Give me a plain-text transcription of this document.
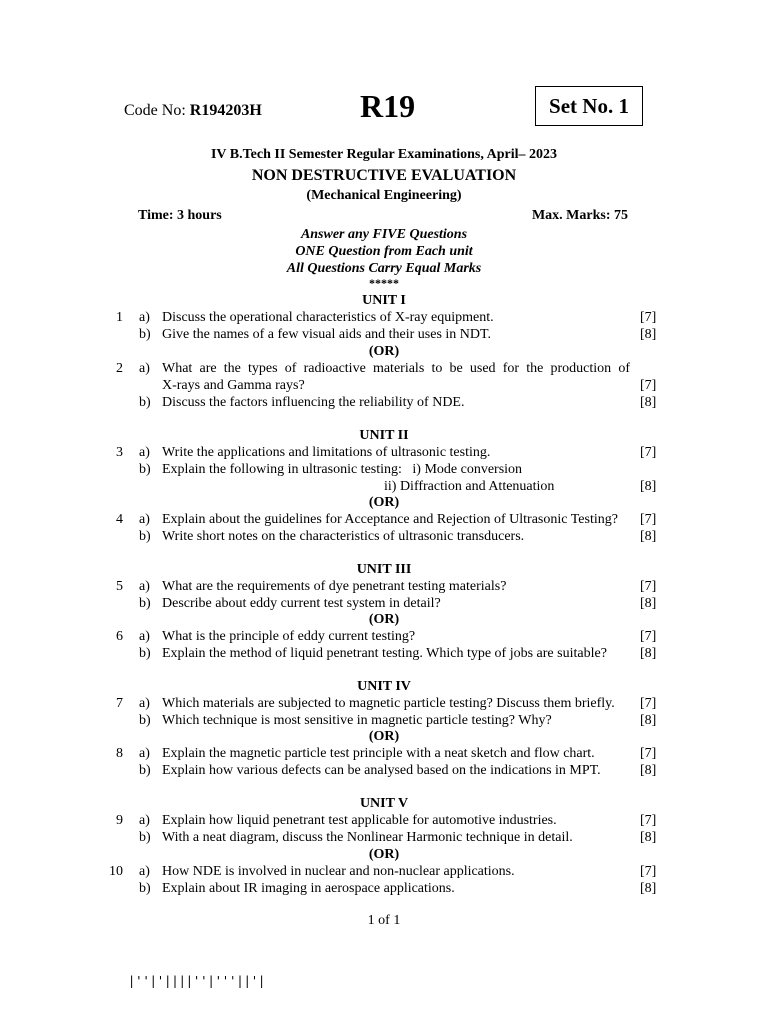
Code No: R194203H	R19	Set No. 1
IV B.Tech II Semester Regular Examinations, April– 2023
NON DESTRUCTIVE EVALUATION
(Mechanical Engineering)
Time: 3 hours	Max. Marks: 75
Answer any FIVE Questions
ONE Question from Each unit
All Questions Carry Equal Marks
*****
UNIT I
1 a) Discuss the operational characteristics of X-ray equipment.	[7]
b) Give the names of a few visual aids and their uses in NDT.	[8]
(OR)
2 a) What are the types of radioactive materials to be used for the production of
X-rays and Gamma rays?	[7]
b) Discuss the factors influencing the reliability of NDE.	[8]
UNIT II
3 a) Write the applications and limitations of ultrasonic testing.	[7]
b) Explain the following in ultrasonic testing:   i) Mode conversion
ii) Diffraction and Attenuation	[8]
(OR)
4 a) Explain about the guidelines for Acceptance and Rejection of Ultrasonic Testing?	[7]
b) Write short notes on the characteristics of ultrasonic transducers.	[8]
UNIT III
5 a) What are the requirements of dye penetrant testing materials?	[7]
b) Describe about eddy current test system in detail?	[8]
(OR)
6 a) What is the principle of eddy current testing?	[7]
b) Explain the method of liquid penetrant testing. Which type of jobs are suitable?	[8]
UNIT IV
7 a) Which materials are subjected to magnetic particle testing? Discuss them briefly.	[7]
b) Which technique is most sensitive in magnetic particle testing? Why?	[8]
(OR)
8 a) Explain the magnetic particle test principle with a neat sketch and flow chart.	[7]
b) Explain how various defects can be analysed based on the indications in MPT.	[8]
UNIT V
9 a) Explain how liquid penetrant test applicable for automotive industries.	[7]
b) With a neat diagram, discuss the Nonlinear Harmonic technique in detail.	[8]
(OR)
10 a) How NDE is involved in nuclear and non-nuclear applications.	[7]
b) Explain about IR imaging in aerospace applications.	[8]
1 of 1
|''|'||||''|'''||'|
